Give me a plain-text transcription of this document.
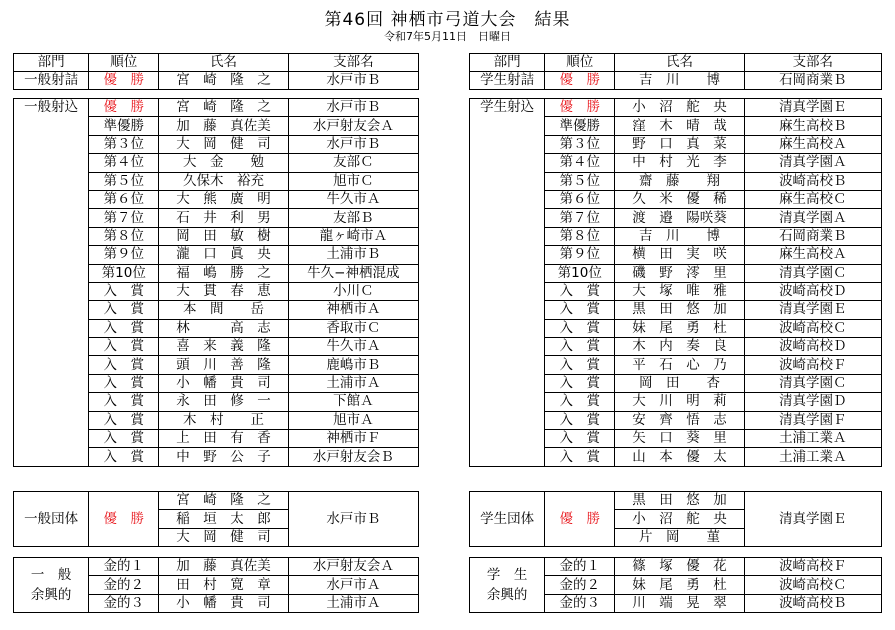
第46回 神栖市弓道大会　結果
令和7年5月11日　日曜日
部門	順位	氏名	支部名
一般射詰	優　勝	宮　崎　隆　之	水戸市Ｂ
部門	順位	氏名	支部名
学生射詰	優　勝	吉　川　　博	石岡商業Ｂ
一般射込	優　勝	宮　崎　隆　之	水戸市Ｂ
	準優勝	加　藤　真佐美	水戸射友会Ａ
	第３位	大　岡　健　司	水戸市Ｂ
	第４位	大　金　　勉	友部Ｃ
	第５位	久保木　裕充	旭市Ｃ
	第６位	大　熊　廣　明	牛久市Ａ
	第７位	石　井　利　男	友部Ｂ
	第８位	岡　田　敏　樹	龍ヶ崎市Ａ
	第９位	瀧　口　眞　央	土浦市Ｂ
	第10位	福　嶋　勝　之	牛久−神栖混成
	入　賞	大　貫　春　恵	小川Ｃ
	入　賞	本　間　　岳	神栖市Ａ
	入　賞	林　　　高　志	香取市Ｃ
	入　賞	喜　来　義　隆	牛久市Ａ
	入　賞	頭　川　善　隆	鹿嶋市Ｂ
	入　賞	小　幡　貴　司	土浦市Ａ
	入　賞	永　田　修　一	下館Ａ
	入　賞	木　村　　正	旭市Ａ
	入　賞	上　田　有　香	神栖市Ｆ
	入　賞	中　野　公　子	水戸射友会Ｂ
学生射込	優　勝	小　沼　舵　央	清真学園Ｅ
	準優勝	窪　木　晴　哉	麻生高校Ｂ
	第３位	野　口　真　菜	麻生高校Ａ
	第４位	中　村　光　李	清真学園Ａ
	第５位	齋　藤　　翔	波崎高校Ｂ
	第６位	久　米　優　稀	麻生高校Ｃ
	第７位	渡　邉　陽咲葵	清真学園Ａ
	第８位	吉　川　　博	石岡商業Ｂ
	第９位	横　田　実　咲	麻生高校Ａ
	第10位	磯　野　澪　里	清真学園Ｃ
	入　賞	大　塚　唯　雅	波崎高校Ｄ
	入　賞	黒　田　悠　加	清真学園Ｅ
	入　賞	妹　尾　勇　杜	波崎高校Ｃ
	入　賞	木　内　奏　良	波崎高校Ｄ
	入　賞	平　石　心　乃	波崎高校Ｆ
	入　賞	岡　田　　杏	清真学園Ｃ
	入　賞	大　川　明　莉	清真学園Ｄ
	入　賞	安　齊　悟　志	清真学園Ｆ
	入　賞	矢　口　葵　里	土浦工業Ａ
	入　賞	山　本　優　太	土浦工業Ａ
一般団体	優　勝	宮　崎　隆　之	水戸市Ｂ
稲　垣　太　郎
大　岡　健　司
学生団体	優　勝	黒　田　悠　加	清真学園Ｅ
小　沼　舵　央
片　岡　　菫
一　般
余興的	金的１	加　藤　真佐美	水戸射友会Ａ
	金的２	田　村　寛　章	水戸市Ａ
	金的３	小　幡　貴　司	土浦市Ａ
学　生
余興的	金的１	篠　塚　優　花	波崎高校Ｆ
	金的２	妹　尾　勇　杜	波崎高校Ｃ
	金的３	川　端　晃　翠	波崎高校Ｂ
